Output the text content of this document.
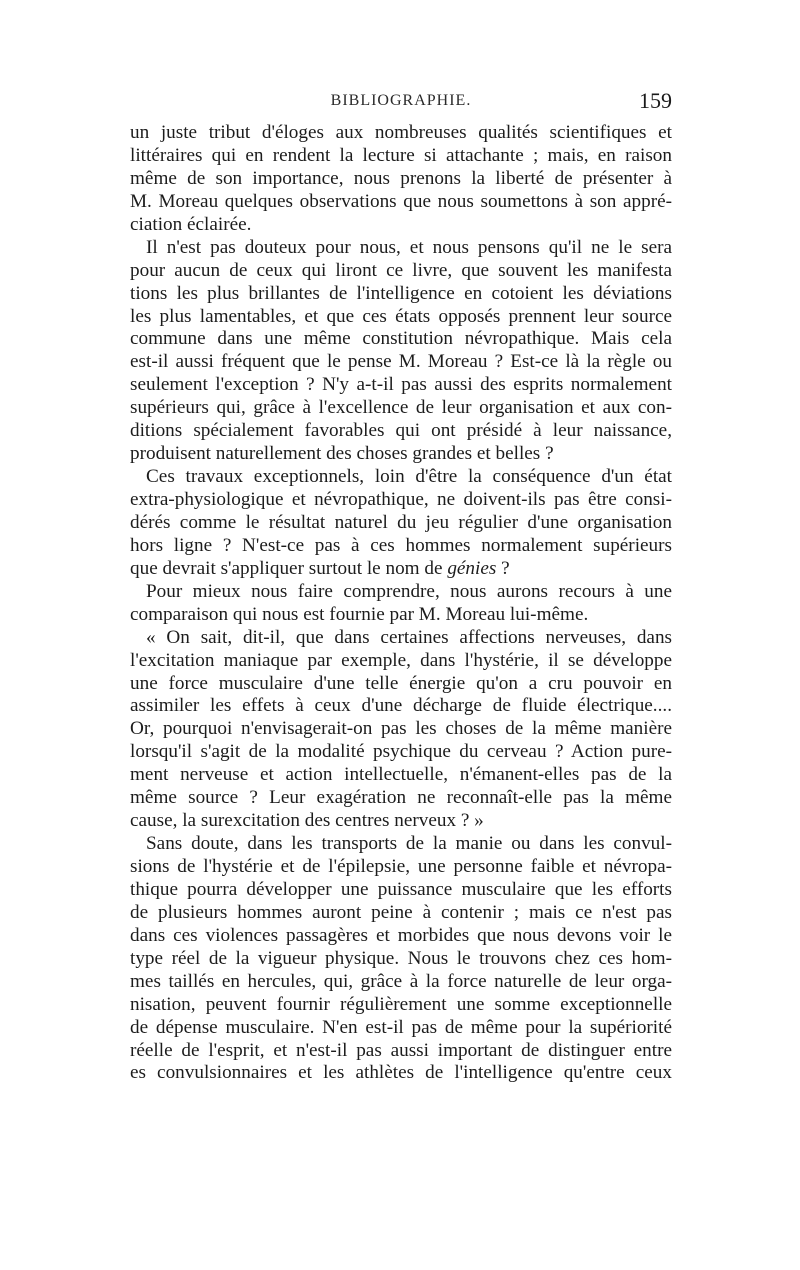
BIBLIOGRAPHIE.	159
un juste tribut d'éloges aux nombreuses qualités scientifiques et
littéraires qui en rendent la lecture si attachante ; mais, en raison
même de son importance, nous prenons la liberté de présenter à
M. Moreau quelques observations que nous soumettons à son appré-
ciation éclairée.
Il n'est pas douteux pour nous, et nous pensons qu'il ne le sera
pour aucun de ceux qui liront ce livre, que souvent les manifesta
tions les plus brillantes de l'intelligence en cotoient les déviations
les plus lamentables, et que ces états opposés prennent leur source
commune dans une même constitution névropathique. Mais cela
est-il aussi fréquent que le pense M. Moreau ? Est-ce là la règle ou
seulement l'exception ? N'y a-t-il pas aussi des esprits normalement
supérieurs qui, grâce à l'excellence de leur organisation et aux con-
ditions spécialement favorables qui ont présidé à leur naissance,
produisent naturellement des choses grandes et belles ?
Ces travaux exceptionnels, loin d'être la conséquence d'un état
extra-physiologique et névropathique, ne doivent-ils pas être consi-
dérés comme le résultat naturel du jeu régulier d'une organisation
hors ligne ? N'est-ce pas à ces hommes normalement supérieurs
que devrait s'appliquer surtout le nom de génies ?
Pour mieux nous faire comprendre, nous aurons recours à une
comparaison qui nous est fournie par M. Moreau lui-même.
« On sait, dit-il, que dans certaines affections nerveuses, dans
l'excitation maniaque par exemple, dans l'hystérie, il se développe
une force musculaire d'une telle énergie qu'on a cru pouvoir en
assimiler les effets à ceux d'une décharge de fluide électrique....
Or, pourquoi n'envisagerait-on pas les choses de la même manière
lorsqu'il s'agit de la modalité psychique du cerveau ? Action pure-
ment nerveuse et action intellectuelle, n'émanent-elles pas de la
même source ? Leur exagération ne reconnaît-elle pas la même
cause, la surexcitation des centres nerveux ? »
Sans doute, dans les transports de la manie ou dans les convul-
sions de l'hystérie et de l'épilepsie, une personne faible et névropa-
thique pourra développer une puissance musculaire que les efforts
de plusieurs hommes auront peine à contenir ; mais ce n'est pas
dans ces violences passagères et morbides que nous devons voir le
type réel de la vigueur physique. Nous le trouvons chez ces hom-
mes taillés en hercules, qui, grâce à la force naturelle de leur orga-
nisation, peuvent fournir régulièrement une somme exceptionnelle
de dépense musculaire. N'en est-il pas de même pour la supériorité
réelle de l'esprit, et n'est-il pas aussi important de distinguer entre
es convulsionnaires et les athlètes de l'intelligence qu'entre ceux
